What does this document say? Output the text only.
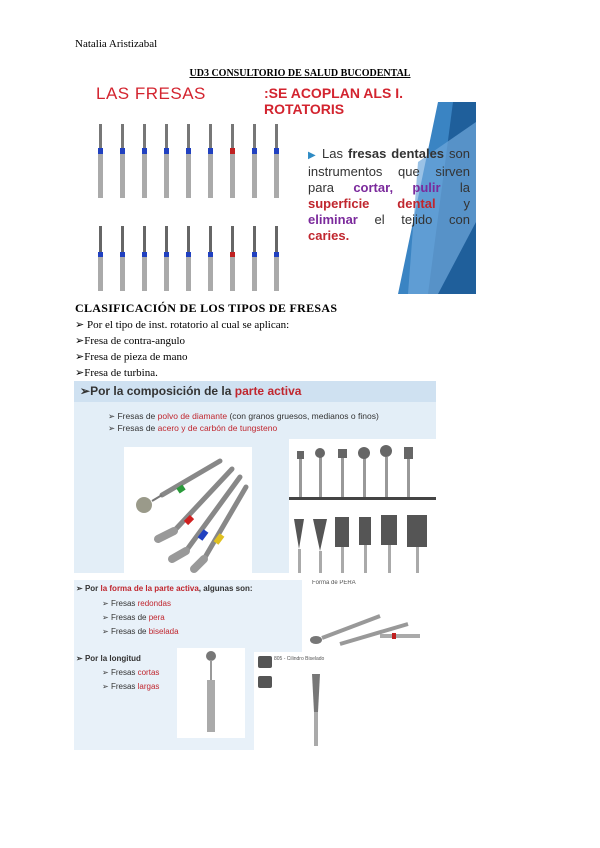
Natalia Aristizabal
UD3 CONSULTORIO DE SALUD BUCODENTAL
LAS FRESAS	:SE ACOPLAN ALS I. ROTATORIS
▶ Las fresas dentales son instrumentos que sirven para cortar, pulir la superficie dental y eliminar el tejido con caries.
CLASIFICACIÓN DE LOS TIPOS DE FRESAS
➢ Por el tipo de inst. rotatorio al cual se aplican:
➢Fresa de contra-angulo
➢Fresa de pieza de mano
➢Fresa de turbina.
➢Por la composición de la parte activa
➢ Fresas de polvo de diamante (con granos gruesos, medianos o finos)
➢ Fresas de acero y de carbón de tungsteno
➢ Por la forma de la parte activa, algunas son:
➢ Fresas redondas
➢ Fresas de pera
➢ Fresas de biselada
➢ Por la longitud
➢ Fresas cortas
➢ Fresas largas
Forma de PERA
805 - Cilindro Biselado
